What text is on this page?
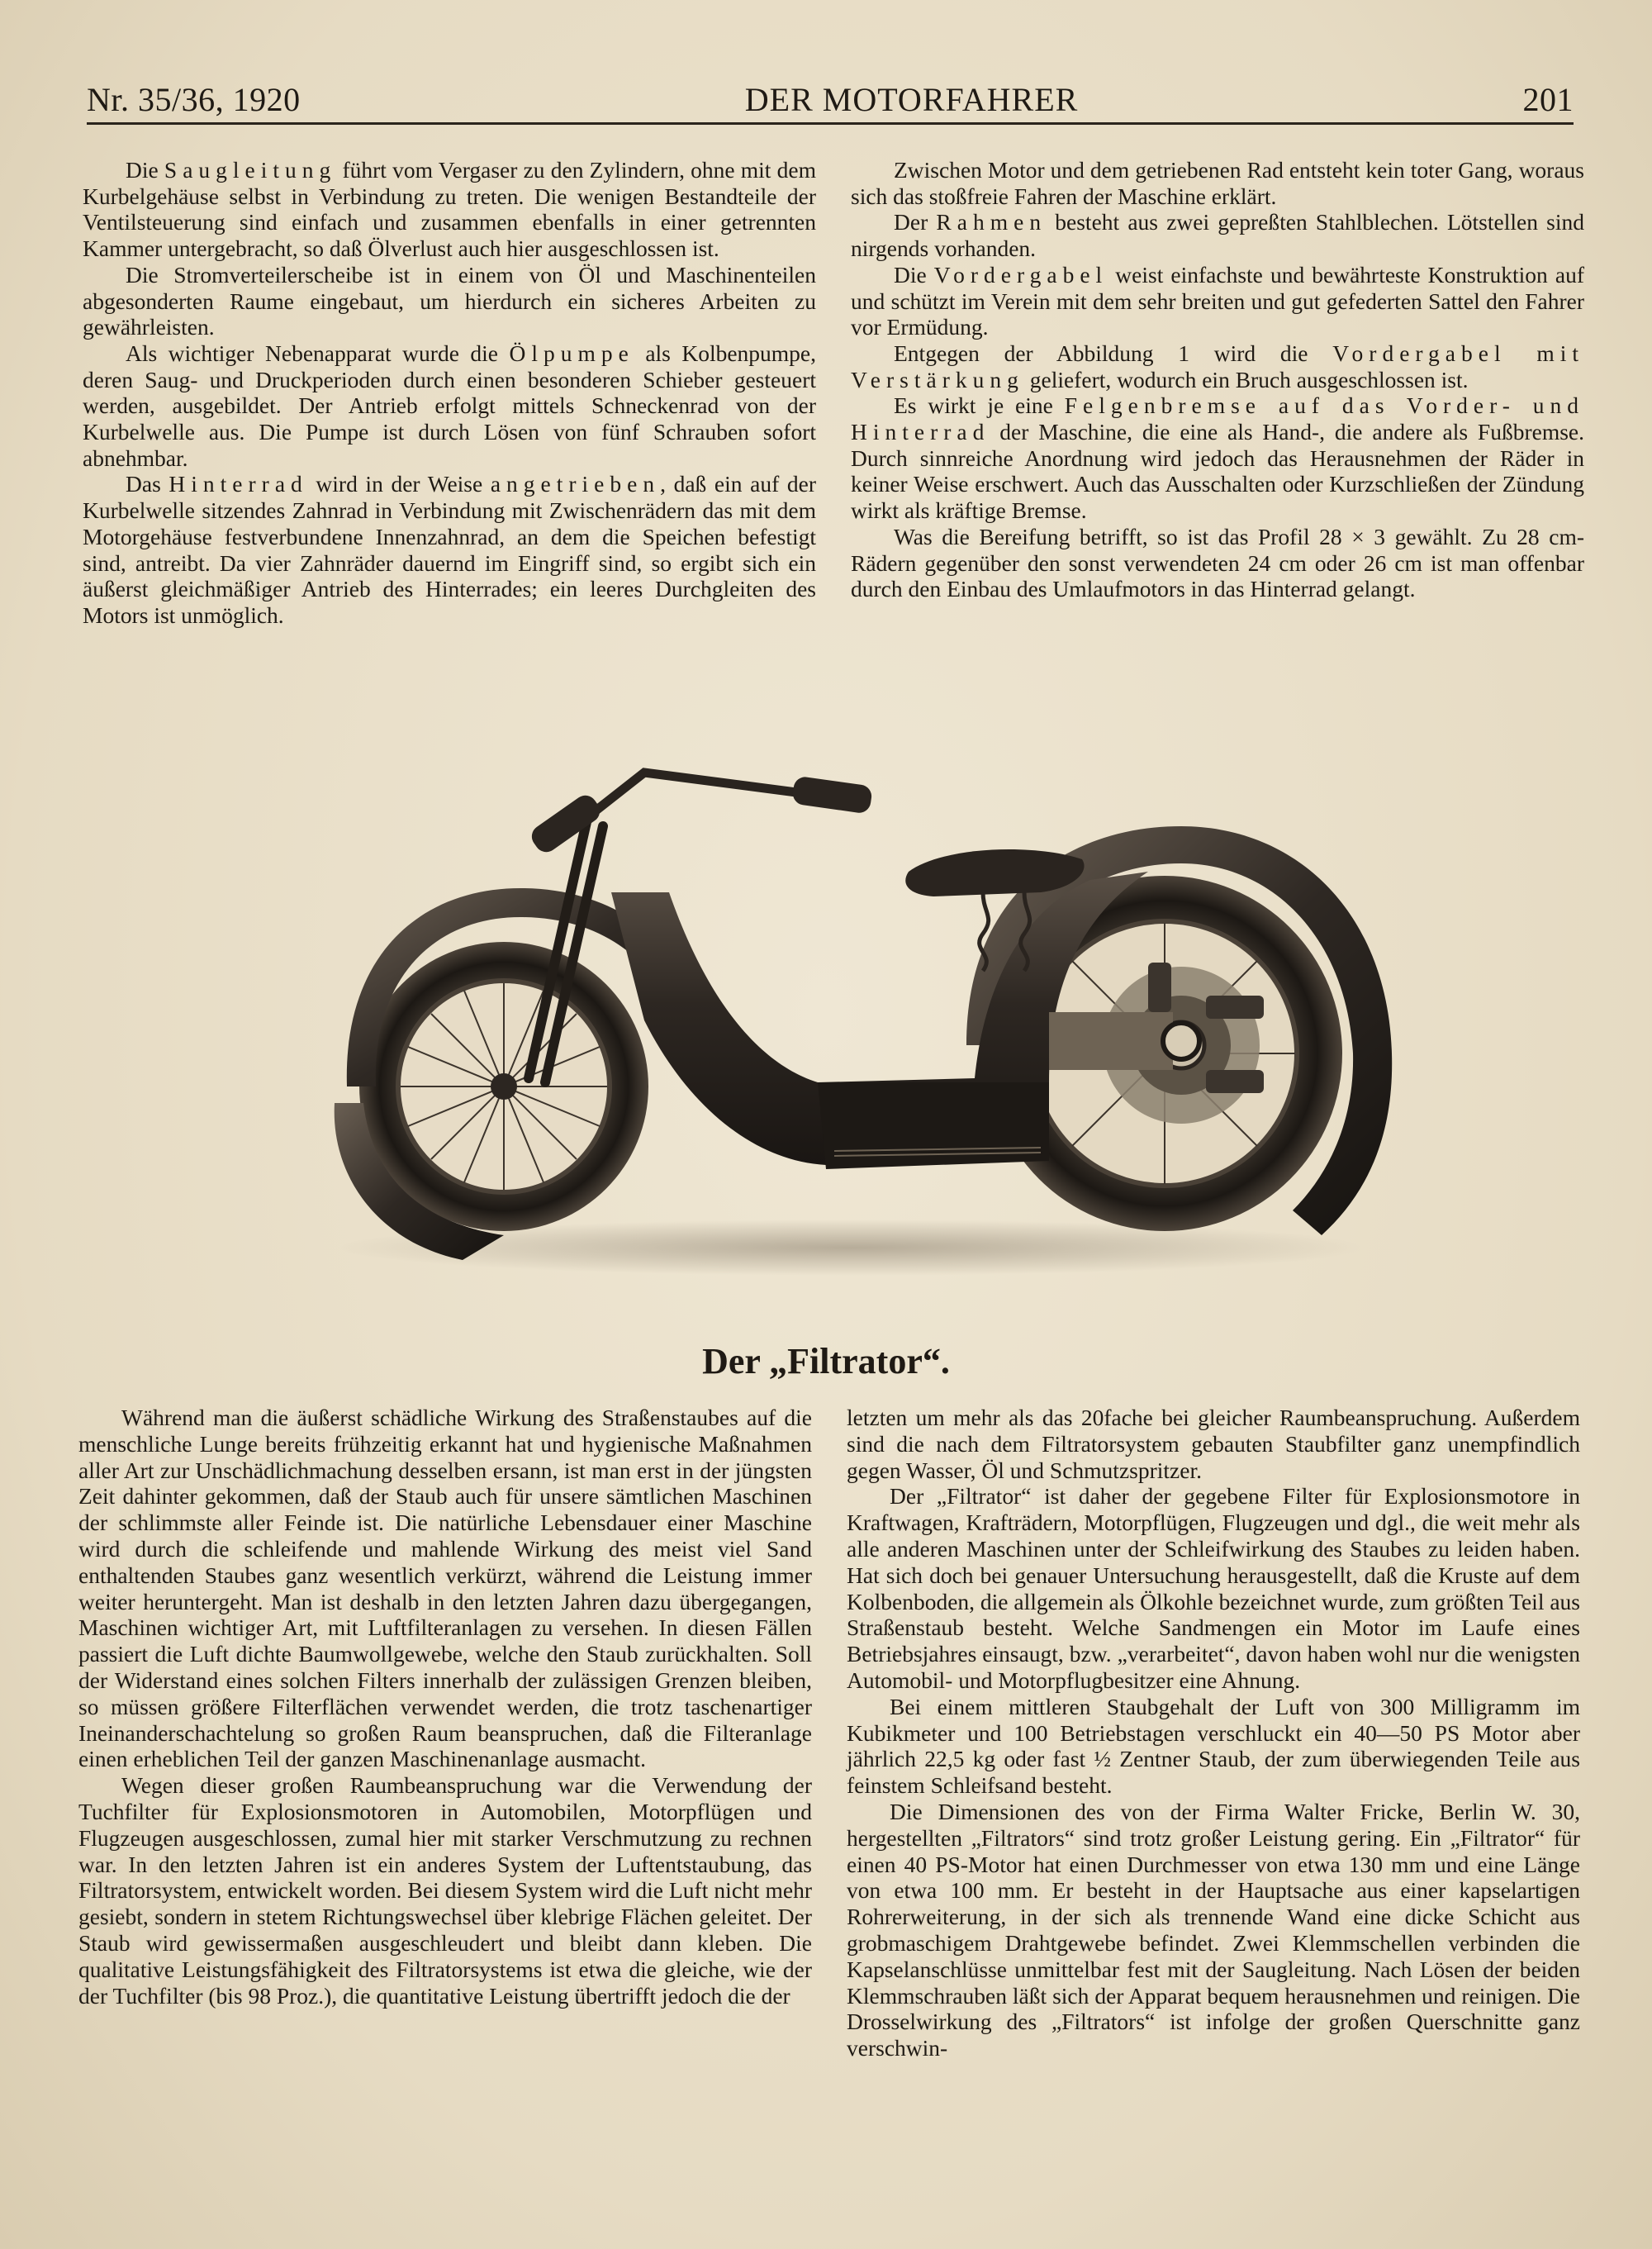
Nr. 35/36, 1920	DER MOTORFAHRER	201

Die Saugleitung führt vom Vergaser zu den Zylindern, ohne mit dem Kurbelgehäuse selbst in Verbindung zu treten. Die wenigen Bestandteile der Ventilsteuerung sind einfach und zusammen ebenfalls in einer getrennten Kammer untergebracht, so daß Ölverlust auch hier ausgeschlossen ist.

Die Stromverteilerscheibe ist in einem von Öl und Maschinenteilen abgesonderten Raume eingebaut, um hierdurch ein sicheres Arbeiten zu gewährleisten.

Als wichtiger Nebenapparat wurde die Ölpumpe als Kolbenpumpe, deren Saug- und Druckperioden durch einen besonderen Schieber gesteuert werden, ausgebildet. Der Antrieb erfolgt mittels Schneckenrad von der Kurbelwelle aus. Die Pumpe ist durch Lösen von fünf Schrauben sofort abnehmbar.

Das Hinterrad wird in der Weise angetrieben, daß ein auf der Kurbelwelle sitzendes Zahnrad in Verbindung mit Zwischenrädern das mit dem Motorgehäuse festverbundene Innenzahnrad, an dem die Speichen befestigt sind, antreibt. Da vier Zahnräder dauernd im Eingriff sind, so ergibt sich ein äußerst gleichmäßiger Antrieb des Hinterrades; ein leeres Durchgleiten des Motors ist unmöglich.

Zwischen Motor und dem getriebenen Rad entsteht kein toter Gang, woraus sich das stoßfreie Fahren der Maschine erklärt.

Der Rahmen besteht aus zwei gepreßten Stahlblechen. Lötstellen sind nirgends vorhanden.

Die Vordergabel weist einfachste und bewährteste Konstruktion auf und schützt im Verein mit dem sehr breiten und gut gefederten Sattel den Fahrer vor Ermüdung.

Entgegen der Abbildung 1 wird die Vordergabel mit Verstärkung geliefert, wodurch ein Bruch ausgeschlossen ist.

Es wirkt je eine Felgenbremse auf das Vorder- und Hinterrad der Maschine, die eine als Hand-, die andere als Fußbremse. Durch sinnreiche Anordnung wird jedoch das Herausnehmen der Räder in keiner Weise erschwert. Auch das Ausschalten oder Kurzschließen der Zündung wirkt als kräftige Bremse.

Was die Bereifung betrifft, so ist das Profil 28 × 3 gewählt. Zu 28 cm-Rädern gegenüber den sonst verwendeten 24 cm oder 26 cm ist man offenbar durch den Einbau des Umlaufmotors in das Hinterrad gelangt.

Der „Filtrator“.

Während man die äußerst schädliche Wirkung des Straßenstaubes auf die menschliche Lunge bereits frühzeitig erkannt hat und hygienische Maßnahmen aller Art zur Unschädlichmachung desselben ersann, ist man erst in der jüngsten Zeit dahinter gekommen, daß der Staub auch für unsere sämtlichen Maschinen der schlimmste aller Feinde ist. Die natürliche Lebensdauer einer Maschine wird durch die schleifende und mahlende Wirkung des meist viel Sand enthaltenden Staubes ganz wesentlich verkürzt, während die Leistung immer weiter heruntergeht. Man ist deshalb in den letzten Jahren dazu übergegangen, Maschinen wichtiger Art, mit Luftfilteranlagen zu versehen. In diesen Fällen passiert die Luft dichte Baumwollgewebe, welche den Staub zurückhalten. Soll der Widerstand eines solchen Filters innerhalb der zulässigen Grenzen bleiben, so müssen größere Filterflächen verwendet werden, die trotz taschenartiger Ineinanderschachtelung so großen Raum beanspruchen, daß die Filteranlage einen erheblichen Teil der ganzen Maschinenanlage ausmacht.

Wegen dieser großen Raumbeanspruchung war die Verwendung der Tuchfilter für Explosionsmotoren in Automobilen, Motorpflügen und Flugzeugen ausgeschlossen, zumal hier mit starker Verschmutzung zu rechnen war. In den letzten Jahren ist ein anderes System der Luftentstaubung, das Filtratorsystem, entwickelt worden. Bei diesem System wird die Luft nicht mehr gesiebt, sondern in stetem Richtungswechsel über klebrige Flächen geleitet. Der Staub wird gewissermaßen ausgeschleudert und bleibt dann kleben. Die qualitative Leistungsfähigkeit des Filtratorsystems ist etwa die gleiche, wie der der Tuchfilter (bis 98 Proz.), die quantitative Leistung übertrifft jedoch die der

letzten um mehr als das 20fache bei gleicher Raumbeanspruchung. Außerdem sind die nach dem Filtratorsystem gebauten Staubfilter ganz unempfindlich gegen Wasser, Öl und Schmutzspritzer.

Der „Filtrator“ ist daher der gegebene Filter für Explosionsmotore in Kraftwagen, Krafträdern, Motorpflügen, Flugzeugen und dgl., die weit mehr als alle anderen Maschinen unter der Schleifwirkung des Staubes zu leiden haben. Hat sich doch bei genauer Untersuchung herausgestellt, daß die Kruste auf dem Kolbenboden, die allgemein als Ölkohle bezeichnet wurde, zum größten Teil aus Straßenstaub besteht. Welche Sandmengen ein Motor im Laufe eines Betriebsjahres einsaugt, bzw. „verarbeitet“, davon haben wohl nur die wenigsten Automobil- und Motorpflugbesitzer eine Ahnung.

Bei einem mittleren Staubgehalt der Luft von 300 Milligramm im Kubikmeter und 100 Betriebstagen verschluckt ein 40—50 PS Motor aber jährlich 22,5 kg oder fast ½ Zentner Staub, der zum überwiegenden Teile aus feinstem Schleifsand besteht.

Die Dimensionen des von der Firma Walter Fricke, Berlin W. 30, hergestellten „Filtrators“ sind trotz großer Leistung gering. Ein „Filtrator“ für einen 40 PS-Motor hat einen Durchmesser von etwa 130 mm und eine Länge von etwa 100 mm. Er besteht in der Hauptsache aus einer kapselartigen Rohrerweiterung, in der sich als trennende Wand eine dicke Schicht aus grobmaschigem Drahtgewebe befindet. Zwei Klemmschellen verbinden die Kapselanschlüsse unmittelbar fest mit der Saugleitung. Nach Lösen der beiden Klemmschrauben läßt sich der Apparat bequem herausnehmen und reinigen. Die Drosselwirkung des „Filtrators“ ist infolge der großen Querschnitte ganz verschwin-
